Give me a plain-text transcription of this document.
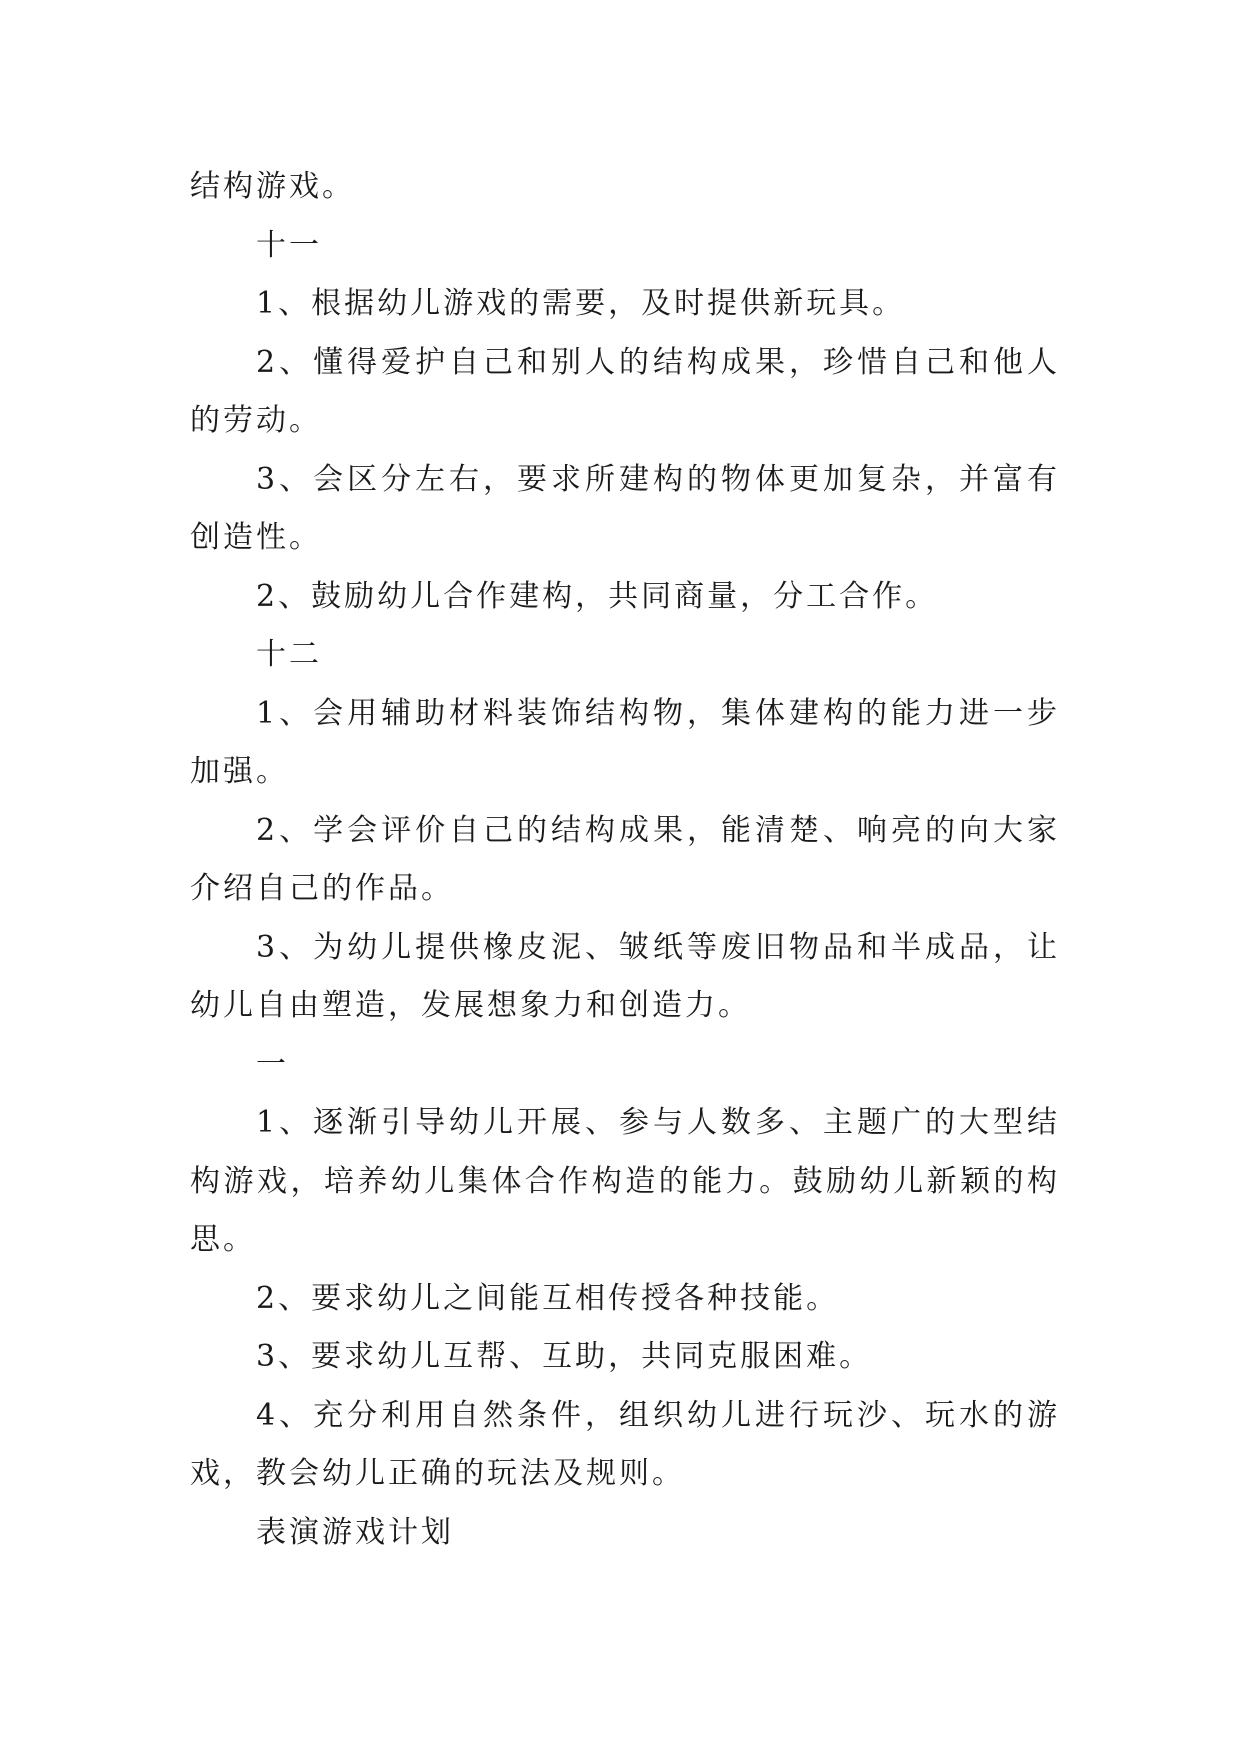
结构游戏。

十一

1、根据幼儿游戏的需要，及时提供新玩具。

2、懂得爱护自己和别人的结构成果，珍惜自己和他人

的劳动。

3、会区分左右，要求所建构的物体更加复杂，并富有

创造性。

2、鼓励幼儿合作建构，共同商量，分工合作。

十二

1、会用辅助材料装饰结构物，集体建构的能力进一步

加强。

2、学会评价自己的结构成果，能清楚、响亮的向大家

介绍自己的作品。

3、为幼儿提供橡皮泥、皱纸等废旧物品和半成品，让

幼儿自由塑造，发展想象力和创造力。

一

1、逐渐引导幼儿开展、参与人数多、主题广的大型结

构游戏，培养幼儿集体合作构造的能力。鼓励幼儿新颖的构

思。

2、要求幼儿之间能互相传授各种技能。

3、要求幼儿互帮、互助，共同克服困难。

4、充分利用自然条件，组织幼儿进行玩沙、玩水的游

戏，教会幼儿正确的玩法及规则。

表演游戏计划
